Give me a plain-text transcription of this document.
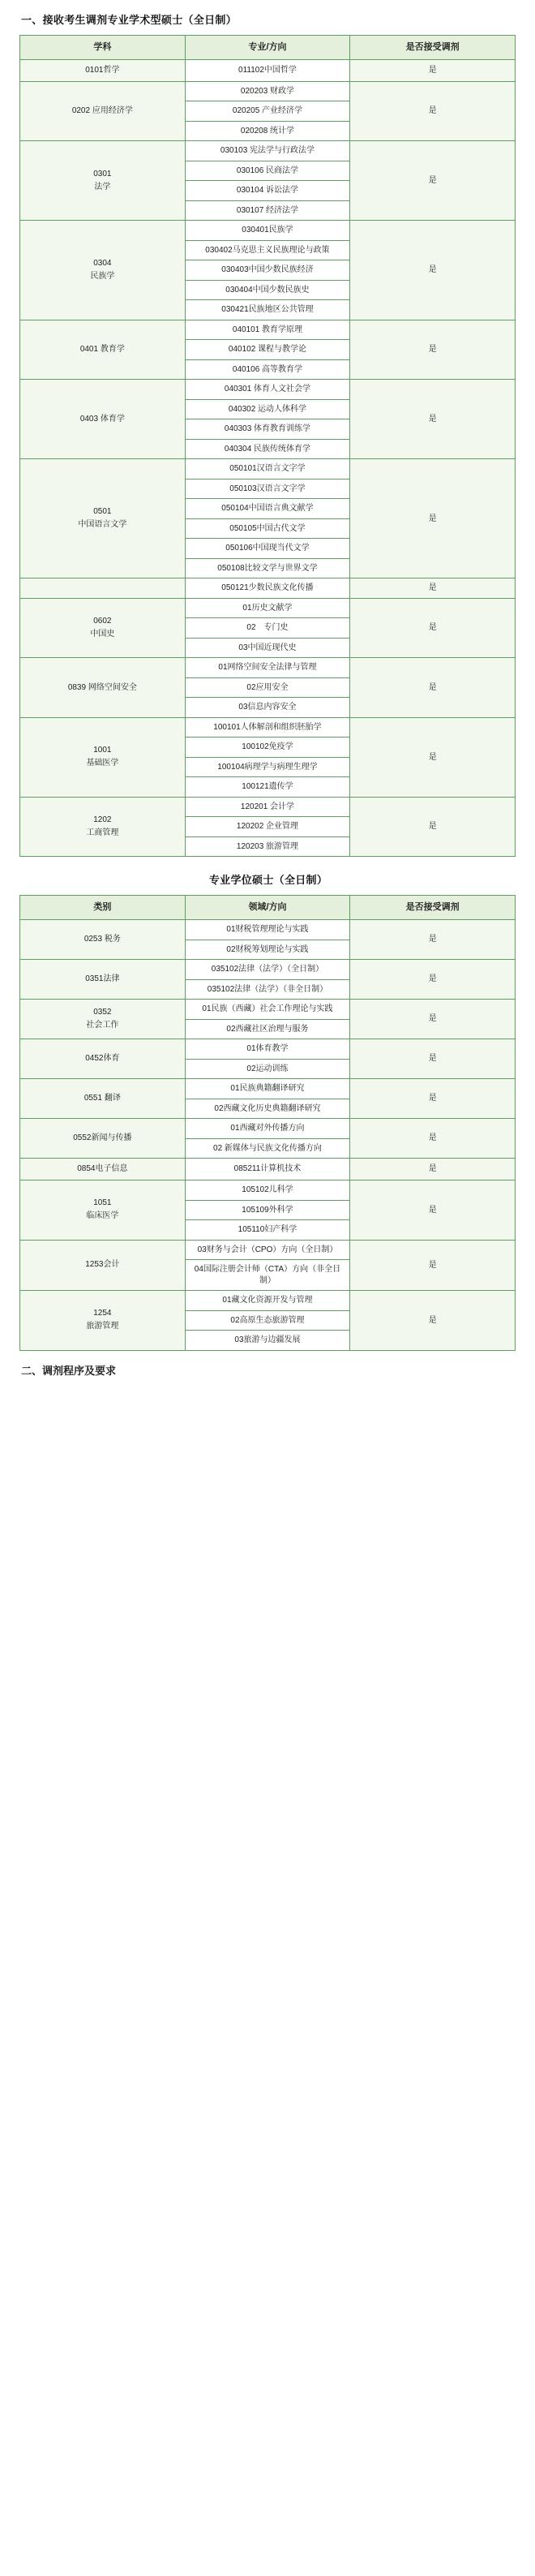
一、接收考生调剂专业学术型硕士（全日制）
学科	专业/方向	是否接受调剂

0101哲学	011102中国哲学	是

0202 应用经济学	020203 财政学	是
	020205 产业经济学	
	020208 统计学	

0301
法学	030103 宪法学与行政法学	是
	030106 民商法学	
	030104 诉讼法学	
	030107 经济法学	

0304
民族学	030401民族学	是
	030402马克思主义民族理论与政策	
	030403中国少数民族经济	
	030404中国少数民族史	
	030421民族地区公共管理	

0401 教育学	040101 教育学原理	是
	040102 课程与教学论	
	040106 高等教育学	

0403 体育学	040301 体育人文社会学	是
	040302 运动人体科学	
	040303 体育教育训练学	
	040304 民族传统体育学	

0501
中国语言文学	050101汉语言文字学	是
	050103汉语言文字学	
	050104中国语言典文献学	
	050105中国古代文学	
	050106中国现当代文学	
	050108比较文学与世界文学	

	050121少数民族文化传播	是

0602
中国史	01历史文献学	是
	02　专门史	
	03中国近现代史	

0839 网络空间安全	01网络空间安全法律与管理	是
	02应用安全	
	03信息内容安全	

1001
基础医学	100101人体解剖和组织胚胎学	是
	100102免疫学	
	100104病理学与病理生理学	
	100121遗传学	

1202
工商管理	120201 会计学	是
	120202 企业管理	
	120203 旅游管理	
专业学位硕士（全日制）
类别	领域/方向	是否接受调剂

0253 税务	01财税管理理论与实践	是
	02财税筹划理论与实践	

0351法律	035102法律（法学）（全日制）	是
	035102法律（法学）（非全日制）	

0352
社会工作	01民族（西藏）社会工作理论与实践	是
	02西藏社区治理与服务	

0452体育	01体育教学	是
	02运动训练	

0551 翻译	01民族典籍翻译研究	是
	02西藏文化历史典籍翻译研究	

0552新闻与传播	01西藏对外传播方向	是
	02 新媒体与民族文化传播方向	

0854电子信息	085211计算机技术	是

1051
临床医学	105102儿科学	是
	105109外科学	
	105110妇产科学	

1253会计	03财务与会计（CPO）方向（全日制）	是
	04国际注册会计师（CTA）方向（非全日制）	

1254
旅游管理	01藏文化资源开发与管理	是
	02高原生态旅游管理	
	03旅游与边疆发展	
二、调剂程序及要求
